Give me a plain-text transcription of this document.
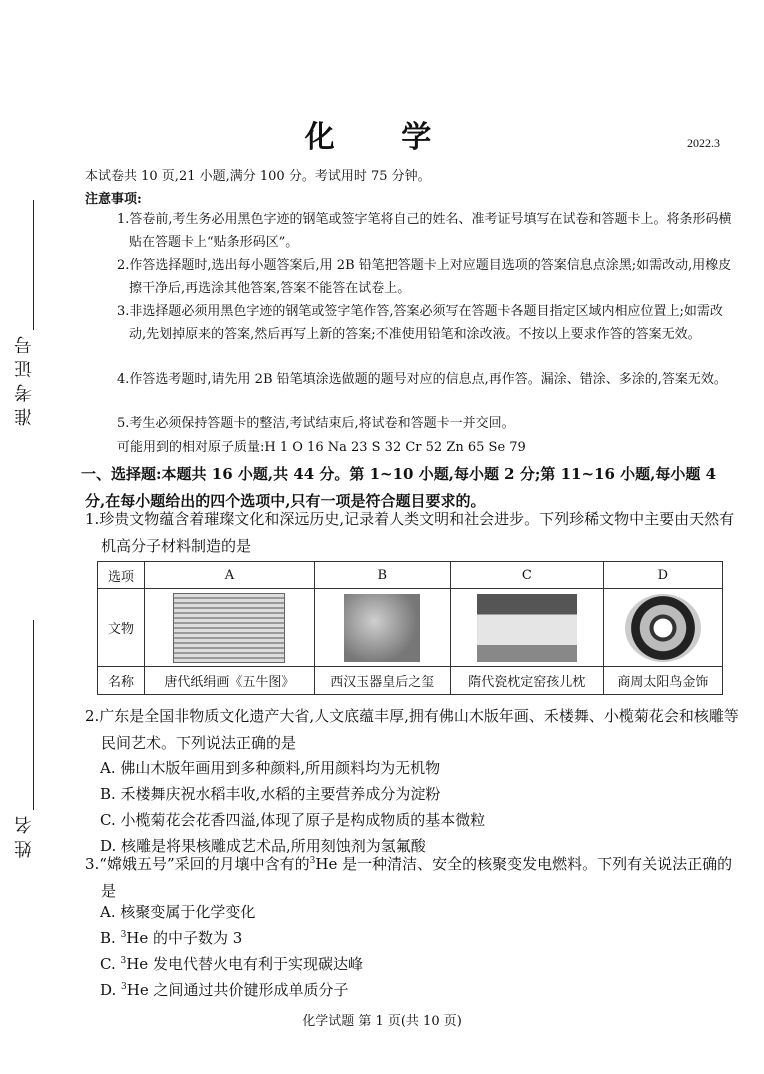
准考证号
姓名
化 学	2022.3
本试卷共 10 页,21 小题,满分 100 分。考试用时 75 分钟。
注意事项:
1.答卷前,考生务必用黑色字迹的钢笔或签字笔将自己的姓名、准考证号填写在试卷和答题卡上。将条形码横贴在答题卡上“贴条形码区”。
2.作答选择题时,选出每小题答案后,用 2B 铅笔把答题卡上对应题目选项的答案信息点涂黑;如需改动,用橡皮擦干净后,再选涂其他答案,答案不能答在试卷上。
3.非选择题必须用黑色字迹的钢笔或签字笔作答,答案必须写在答题卡各题目指定区域内相应位置上;如需改动,先划掉原来的答案,然后再写上新的答案;不准使用铅笔和涂改液。不按以上要求作答的答案无效。
4.作答选考题时,请先用 2B 铅笔填涂选做题的题号对应的信息点,再作答。漏涂、错涂、多涂的,答案无效。
5.考生必须保持答题卡的整洁,考试结束后,将试卷和答题卡一并交回。
可能用到的相对原子质量:H 1 O 16 Na 23 S 32 Cr 52 Zn 65 Se 79
一、选择题:本题共 16 小题,共 44 分。第 1~10 小题,每小题 2 分;第 11~16 小题,每小题 4 分,在每小题给出的四个选项中,只有一项是符合题目要求的。
1.珍贵文物蕴含着璀璨文化和深远历史,记录着人类文明和社会进步。下列珍稀文物中主要由天然有机高分子材料制造的是
选项	A	B	C	D
文物				
名称	唐代纸绢画《五牛图》	西汉玉器皇后之玺	隋代瓷枕定窑孩儿枕	商周太阳鸟金饰
2.广东是全国非物质文化遗产大省,人文底蕴丰厚,拥有佛山木版年画、禾楼舞、小榄菊花会和核雕等民间艺术。下列说法正确的是
A. 佛山木版年画用到多种颜料,所用颜料均为无机物
B. 禾楼舞庆祝水稻丰收,水稻的主要营养成分为淀粉
C. 小榄菊花会花香四溢,体现了原子是构成物质的基本微粒
D. 核雕是将果核雕成艺术品,所用刻蚀剂为氢氟酸
3.“嫦娥五号”采回的月壤中含有的$^3$He 是一种清洁、安全的核聚变发电燃料。下列有关说法正确的是
A. 核聚变属于化学变化
B. $^3$He 的中子数为 3
C. $^3$He 发电代替火电有利于实现碳达峰
D. $^3$He 之间通过共价键形成单质分子
化学试题 第 1 页(共 10 页)
